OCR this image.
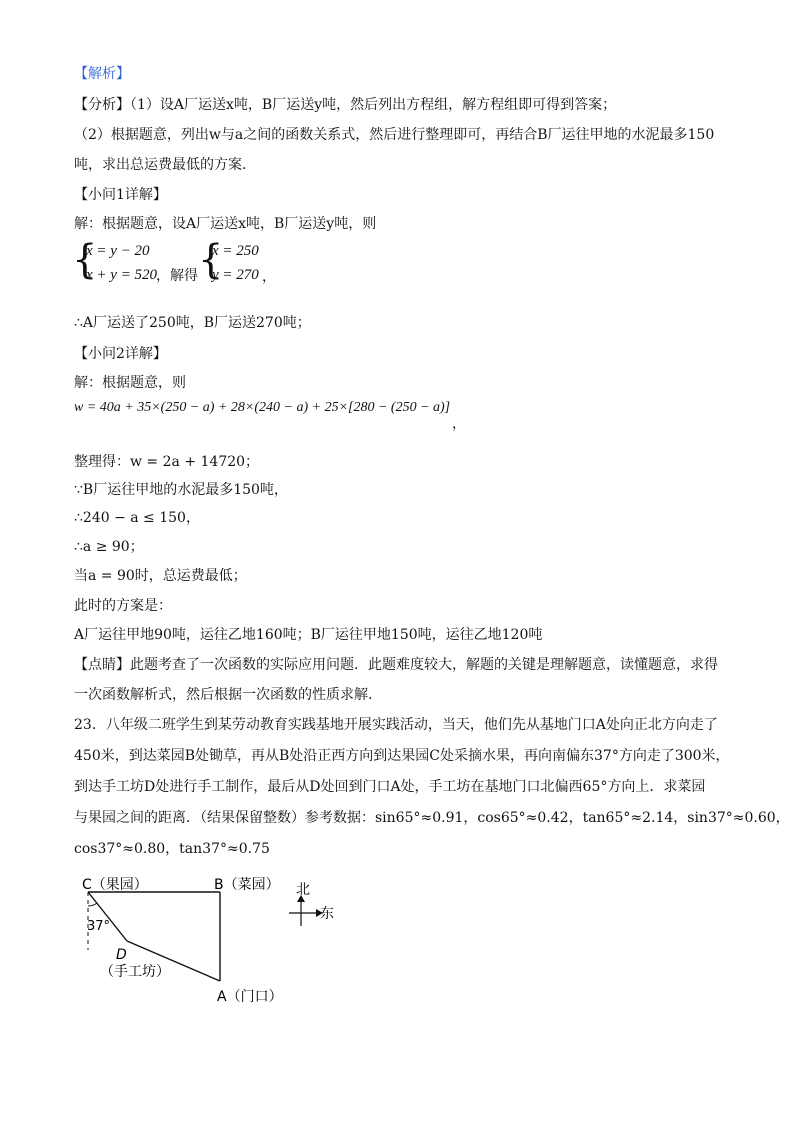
【解析】
【分析】（1）设A厂运送x吨，B厂运送y吨，然后列出方程组，解方程组即可得到答案；
（2）根据题意，列出w与a之间的函数关系式，然后进行整理即可，再结合B厂运往甲地的水泥最多150
吨，求出总运费最低的方案.
【小问1详解】
解：根据题意，设A厂运送x吨，B厂运送y吨，则
{
x = y − 20
x + y = 520
，解得 {
x = 250
y = 270 ，
∴A厂运送了250吨，B厂运送270吨；
【小问2详解】
解：根据题意，则
w = 40a + 35×(250 − a) + 28×(240 − a) + 25×[280 − (250 − a)]
，
整理得：w = 2a + 14720；
∵B厂运往甲地的水泥最多150吨，
∴240 − a ≤ 150，
∴a ≥ 90；
当a = 90时，总运费最低；
此时的方案是：
A厂运往甲地90吨，运往乙地160吨；B厂运往甲地150吨，运往乙地120吨
【点睛】此题考查了一次函数的实际应用问题．此题难度较大，解题的关键是理解题意，读懂题意，求得
一次函数解析式，然后根据一次函数的性质求解.
23．八年级二班学生到某劳动教育实践基地开展实践活动，当天，他们先从基地门口A处向正北方向走了
450米，到达菜园B处锄草，再从B处沿正西方向到达果园C处采摘水果，再向南偏东37°方向走了300米，
到达手工坊D处进行手工制作，最后从D处回到门口A处，手工坊在基地门口北偏西65°方向上．求菜园
与果园之间的距离．（结果保留整数）参考数据：sin65°≈0.91，cos65°≈0.42，tan65°≈2.14，sin37°≈0.60，
cos37°≈0.80，tan37°≈0.75
C（果园）	B（菜园）
37°
D
（手工坊）
A（门口）
北
东
